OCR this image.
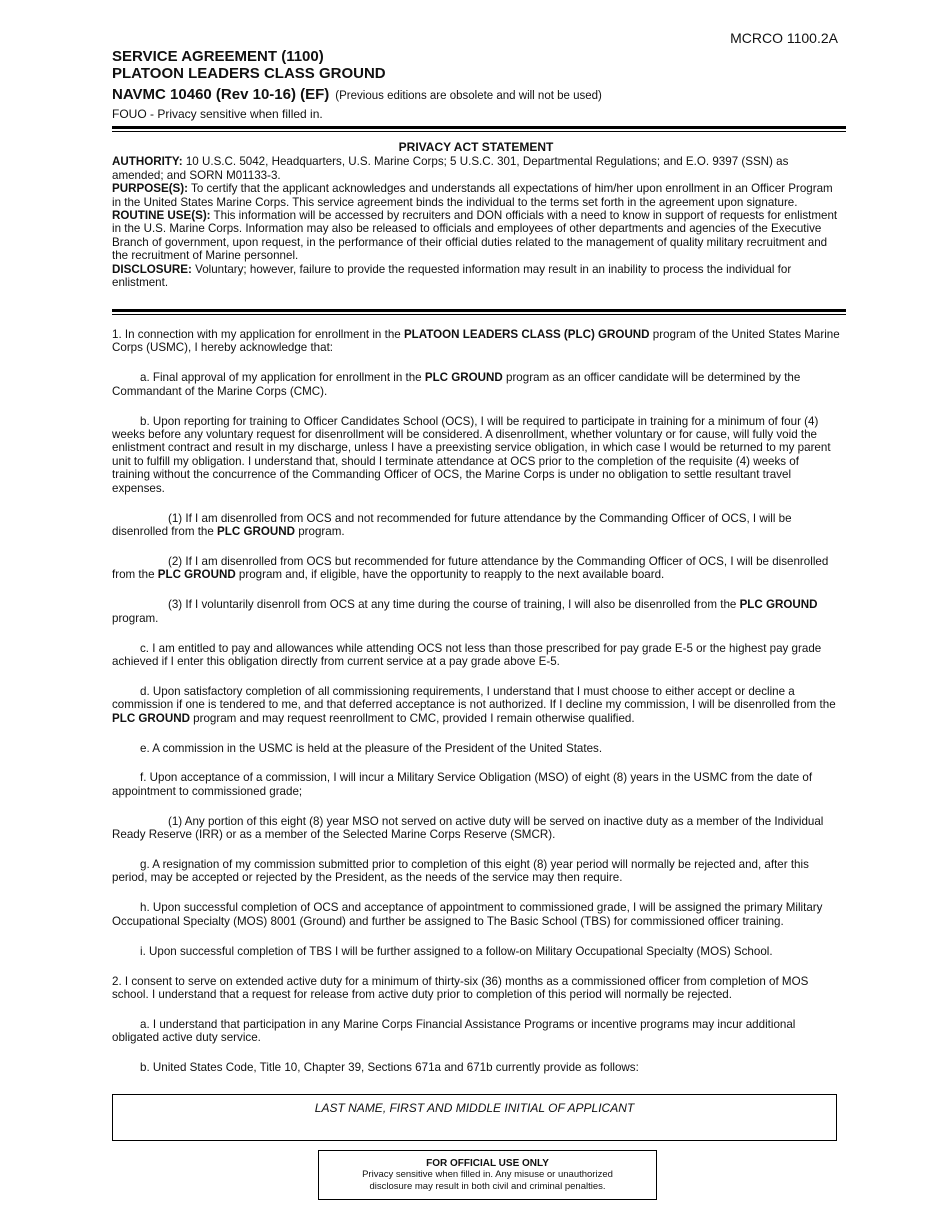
MCRCO 1100.2A
SERVICE AGREEMENT (1100)
PLATOON LEADERS CLASS GROUND
NAVMC 10460 (Rev 10-16) (EF) (Previous editions are obsolete and will not be used)
FOUO - Privacy sensitive when filled in.
PRIVACY ACT STATEMENT

AUTHORITY: 10 U.S.C. 5042, Headquarters, U.S. Marine Corps; 5 U.S.C. 301, Departmental Regulations; and E.O. 9397 (SSN) as amended; and SORN M01133-3.

PURPOSE(S): To certify that the applicant acknowledges and understands all expectations of him/her upon enrollment in an Officer Program in the United States Marine Corps. This service agreement binds the individual to the terms set forth in the agreement upon signature.

ROUTINE USE(S): This information will be accessed by recruiters and DON officials with a need to know in support of requests for enlistment in the U.S. Marine Corps. Information may also be released to officials and employees of other departments and agencies of the Executive Branch of government, upon request, in the performance of their official duties related to the management of quality military recruitment and the recruitment of Marine personnel.

DISCLOSURE: Voluntary; however, failure to provide the requested information may result in an inability to process the individual for enlistment.

1. In connection with my application for enrollment in the PLATOON LEADERS CLASS (PLC) GROUND program of the United States Marine Corps (USMC), I hereby acknowledge that:

a. Final approval of my application for enrollment in the PLC GROUND program as an officer candidate will be determined by the Commandant of the Marine Corps (CMC).

b. Upon reporting for training to Officer Candidates School (OCS), I will be required to participate in training for a minimum of four (4) weeks before any voluntary request for disenrollment will be considered. A disenrollment, whether voluntary or for cause, will fully void the enlistment contract and result in my discharge, unless I have a preexisting service obligation, in which case I would be returned to my parent unit to fulfill my obligation. I understand that, should I terminate attendance at OCS prior to the completion of the requisite (4) weeks of training without the concurrence of the Commanding Officer of OCS, the Marine Corps is under no obligation to settle resultant travel expenses.

(1) If I am disenrolled from OCS and not recommended for future attendance by the Commanding Officer of OCS, I will be disenrolled from the PLC GROUND program.

(2) If I am disenrolled from OCS but recommended for future attendance by the Commanding Officer of OCS, I will be disenrolled from the PLC GROUND program and, if eligible, have the opportunity to reapply to the next available board.

(3) If I voluntarily disenroll from OCS at any time during the course of training, I will also be disenrolled from the PLC GROUND program.

c. I am entitled to pay and allowances while attending OCS not less than those prescribed for pay grade E-5 or the highest pay grade achieved if I enter this obligation directly from current service at a pay grade above E-5.

d. Upon satisfactory completion of all commissioning requirements, I understand that I must choose to either accept or decline a commission if one is tendered to me, and that deferred acceptance is not authorized. If I decline my commission, I will be disenrolled from the PLC GROUND program and may request reenrollment to CMC, provided I remain otherwise qualified.

e. A commission in the USMC is held at the pleasure of the President of the United States.

f. Upon acceptance of a commission, I will incur a Military Service Obligation (MSO) of eight (8) years in the USMC from the date of appointment to commissioned grade;

(1) Any portion of this eight (8) year MSO not served on active duty will be served on inactive duty as a member of the Individual Ready Reserve (IRR) or as a member of the Selected Marine Corps Reserve (SMCR).

g. A resignation of my commission submitted prior to completion of this eight (8) year period will normally be rejected and, after this period, may be accepted or rejected by the President, as the needs of the service may then require.

h. Upon successful completion of OCS and acceptance of appointment to commissioned grade, I will be assigned the primary Military Occupational Specialty (MOS) 8001 (Ground) and further be assigned to The Basic School (TBS) for commissioned officer training.

i. Upon successful completion of TBS I will be further assigned to a follow-on Military Occupational Specialty (MOS) School.

2. I consent to serve on extended active duty for a minimum of thirty-six (36) months as a commissioned officer from completion of MOS school. I understand that a request for release from active duty prior to completion of this period will normally be rejected.

a. I understand that participation in any Marine Corps Financial Assistance Programs or incentive programs may incur additional obligated active duty service.

b. United States Code, Title 10, Chapter 39, Sections 671a and 671b currently provide as follows:

LAST NAME, FIRST AND MIDDLE INITIAL OF APPLICANT
FOR OFFICIAL USE ONLY
Privacy sensitive when filled in. Any misuse or unauthorized
disclosure may result in both civil and criminal penalties.
